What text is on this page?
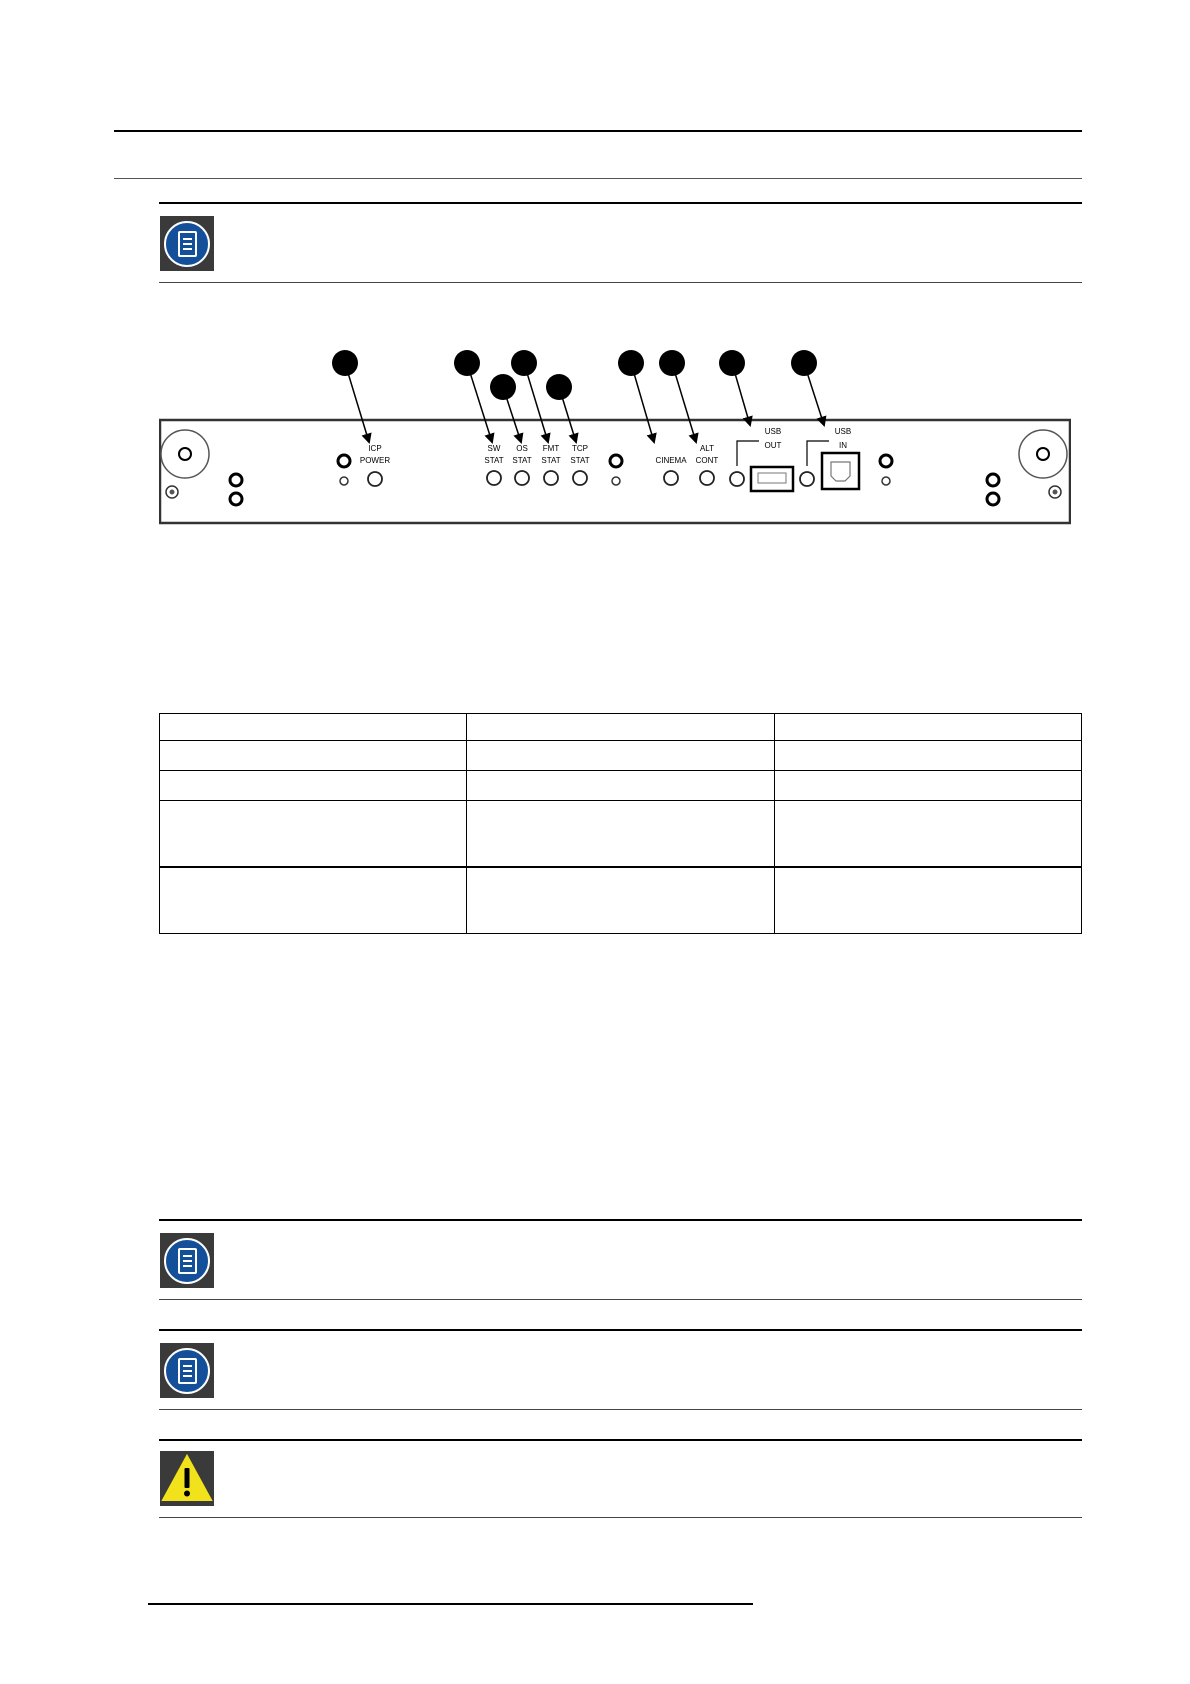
ICP
POWER
SW
STAT
OS
STAT
FMT
STAT
TCP
STAT	CINEMA
ALT
CONT
USB
OUT
USB
IN
